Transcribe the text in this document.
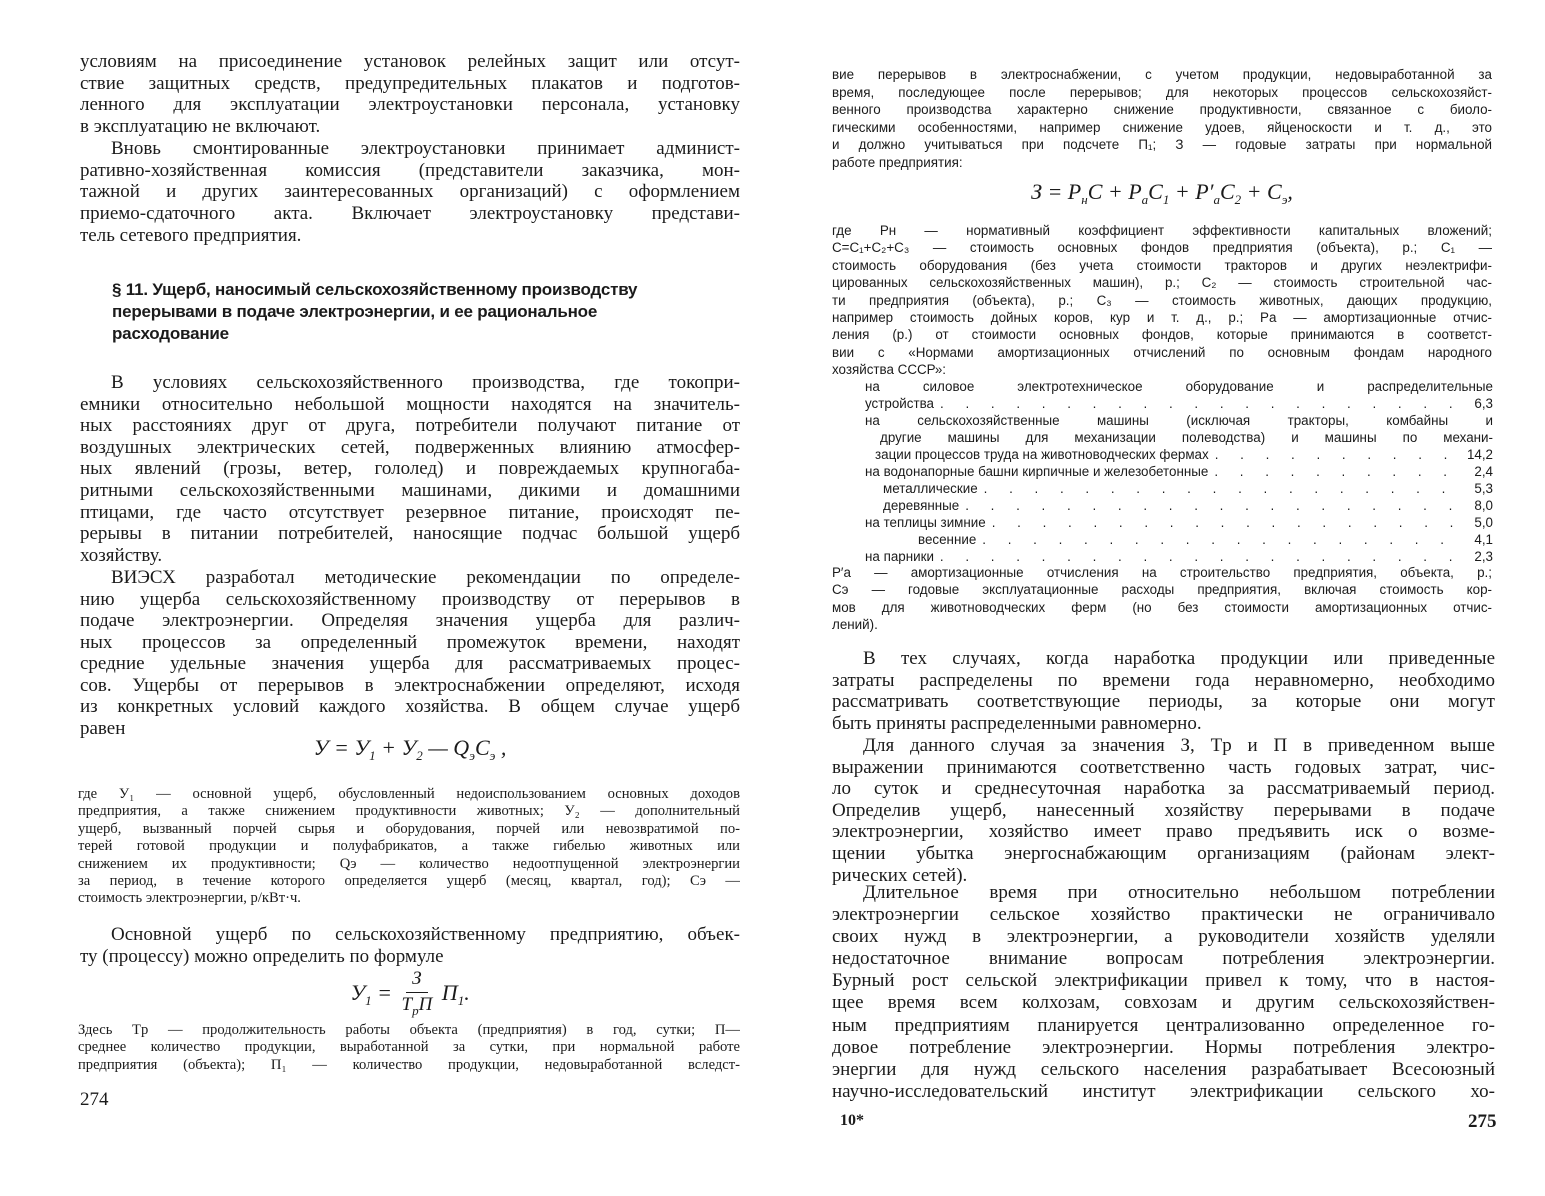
условиям на присоединение установок релейных защит или отсут-
ствие защитных средств, предупредительных плакатов и подготов-
ленного для эксплуатации электроустановки персонала, установку
в эксплуатацию не включают.
Вновь смонтированные электроустановки принимает админист-
ративно-хозяйственная комиссия (представители заказчика, мон-
тажной и других заинтересованных организаций) с оформлением
приемо-сдаточного акта. Включает электроустановку представи-
тель сетевого предприятия.
§ 11. Ущерб, наносимый сельскохозяйственному производству
перерывами в подаче электроэнергии, и ее рациональное
расходование
В условиях сельскохозяйственного производства, где токопри-
емники относительно небольшой мощности находятся на значитель-
ных расстояниях друг от друга, потребители получают питание от
воздушных электрических сетей, подверженных влиянию атмосфер-
ных явлений (грозы, ветер, гололед) и повреждаемых крупногаба-
ритными сельскохозяйственными машинами, дикими и домашними
птицами, где часто отсутствует резервное питание, происходят пе-
рерывы в питании потребителей, наносящие подчас большой ущерб
хозяйству.
ВИЭСХ разработал методические рекомендации по определе-
нию ущерба сельскохозяйственному производству от перерывов в
подаче электроэнергии. Определяя значения ущерба для различ-
ных процессов за определенный промежуток времени, находят
средние удельные значения ущерба для рассматриваемых процес-
сов. Ущербы от перерывов в электроснабжении определяют, исходя
из конкретных условий каждого хозяйства. В общем случае ущерб
равен
$У = У_1 + У_2$ — $Q_эC_э$ ,
где У₁ — основной ущерб, обусловленный недоиспользованием основных доходов
предприятия, а также снижением продуктивности животных; У₂ — дополнительный
ущерб, вызванный порчей сырья и оборудования, порчей или невозвратимой по-
терей готовой продукции и полуфабрикатов, а также гибелью животных или
снижением их продуктивности; Qэ — количество недоотпущенной электроэнергии
за период, в течение которого определяется ущерб (месяц, квартал, год); Cэ —
стоимость электроэнергии, р/кВт·ч.
Основной ущерб по сельскохозяйственному предприятию, объек-
ту (процессу) можно определить по формуле
$У_1 = \frac{З}{T_рП} П_1$.
Здесь Tр — продолжительность работы объекта (предприятия) в год, сутки; П—
среднее количество продукции, выработанной за сутки, при нормальной работе
предприятия (объекта); П₁ — количество продукции, недовыработанной вследст-
274
вие перерывов в электроснабжении, с учетом продукции, недовыработанной за
время, последующее после перерывов; для некоторых процессов сельскохозяйст-
венного производства характерно снижение продуктивности, связанное с биоло-
гическими особенностями, например снижение удоев, яйценоскости и т. д., это
и должно учитываться при подсчете П₁; З — годовые затраты при нормальной
работе предприятия:
$З = P_нC + P_аC_1 + P'_аC_2 + C_э$,
где Pн — нормативный коэффициент эффективности капитальных вложений;
C=C₁+C₂+C₃ — стоимость основных фондов предприятия (объекта), р.; C₁ —
стоимость оборудования (без учета стоимости тракторов и других неэлектрифи-
цированных сельскохозяйственных машин), р.; C₂ — стоимость строительной час-
ти предприятия (объекта), р.; C₃ — стоимость животных, дающих продукцию,
например стоимость дойных коров, кур и т. д., р.; Pа — амортизационные отчис-
ления (р.) от стоимости основных фондов, которые принимаются в соответст-
вии с «Нормами амортизационных отчислений по основным фондам народного
хозяйства СССР»:
на силовое электротехническое оборудование и распределительные
устройства . . .	6,3
на сельскохозяйственные машины (исключая тракторы, комбайны и
другие машины для механизации полеводства) и машины по механи-
зации процессов труда на животноводческих фермах . . .	14,2
на водонапорные башни кирпичные и железобетонные . . .	2,4
металлические . . .	5,3
деревянные . . .	8,0
на теплицы зимние . . .	5,0
весенние . . .	4,1
на парники . . .	2,3
P′а — амортизационные отчисления на строительство предприятия, объекта, р.;
Cэ — годовые эксплуатационные расходы предприятия, включая стоимость кор-
мов для животноводческих ферм (но без стоимости амортизационных отчис-
лений).
В тех случаях, когда наработка продукции или приведенные
затраты распределены по времени года неравномерно, необходимо
рассматривать соответствующие периоды, за которые они могут
быть приняты распределенными равномерно.
Для данного случая за значения З, Tр и П в приведенном выше
выражении принимаются соответственно часть годовых затрат, чис-
ло суток и среднесуточная наработка за рассматриваемый период.
Определив ущерб, нанесенный хозяйству перерывами в подаче
электроэнергии, хозяйство имеет право предъявить иск о возме-
щении убытка энергоснабжающим организациям (районам элект-
рических сетей).
Длительное время при относительно небольшом потреблении
электроэнергии сельское хозяйство практически не ограничивало
своих нужд в электроэнергии, а руководители хозяйств уделяли
недостаточное внимание вопросам потребления электроэнергии.
Бурный рост сельской электрификации привел к тому, что в настоя-
щее время всем колхозам, совхозам и другим сельскохозяйствен-
ным предприятиям планируется централизованно определенное го-
довое потребление электроэнергии. Нормы потребления электро-
энергии для нужд сельского населения разрабатывает Всесоюзный
научно-исследовательский институт электрификации сельского хо-
10*	275
